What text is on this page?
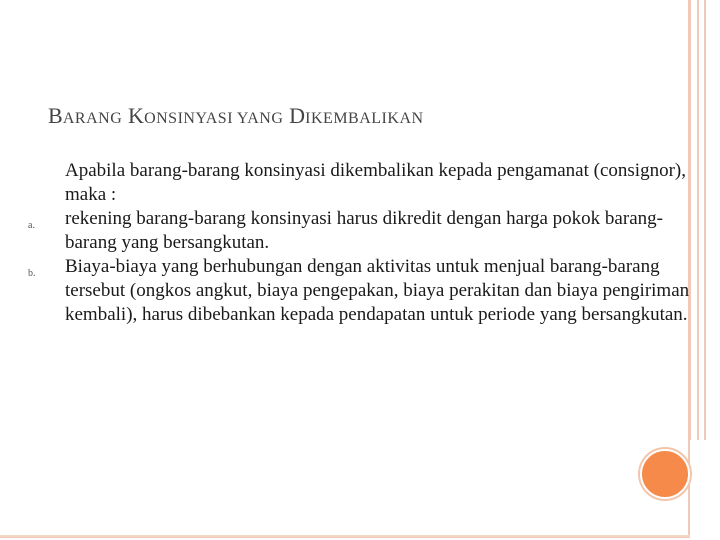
BARANG KONSINYASI YANG DIKEMBALIKAN
Apabila barang-barang konsinyasi dikembalikan kepada pengamanat (consignor), maka :
a. rekening barang-barang konsinyasi harus dikredit dengan harga pokok barang-barang yang bersangkutan.
b. Biaya-biaya yang berhubungan dengan aktivitas untuk menjual barang-barang tersebut (ongkos angkut, biaya pengepakan, biaya perakitan dan biaya pengiriman kembali), harus dibebankan kepada pendapatan untuk periode yang bersangkutan.
